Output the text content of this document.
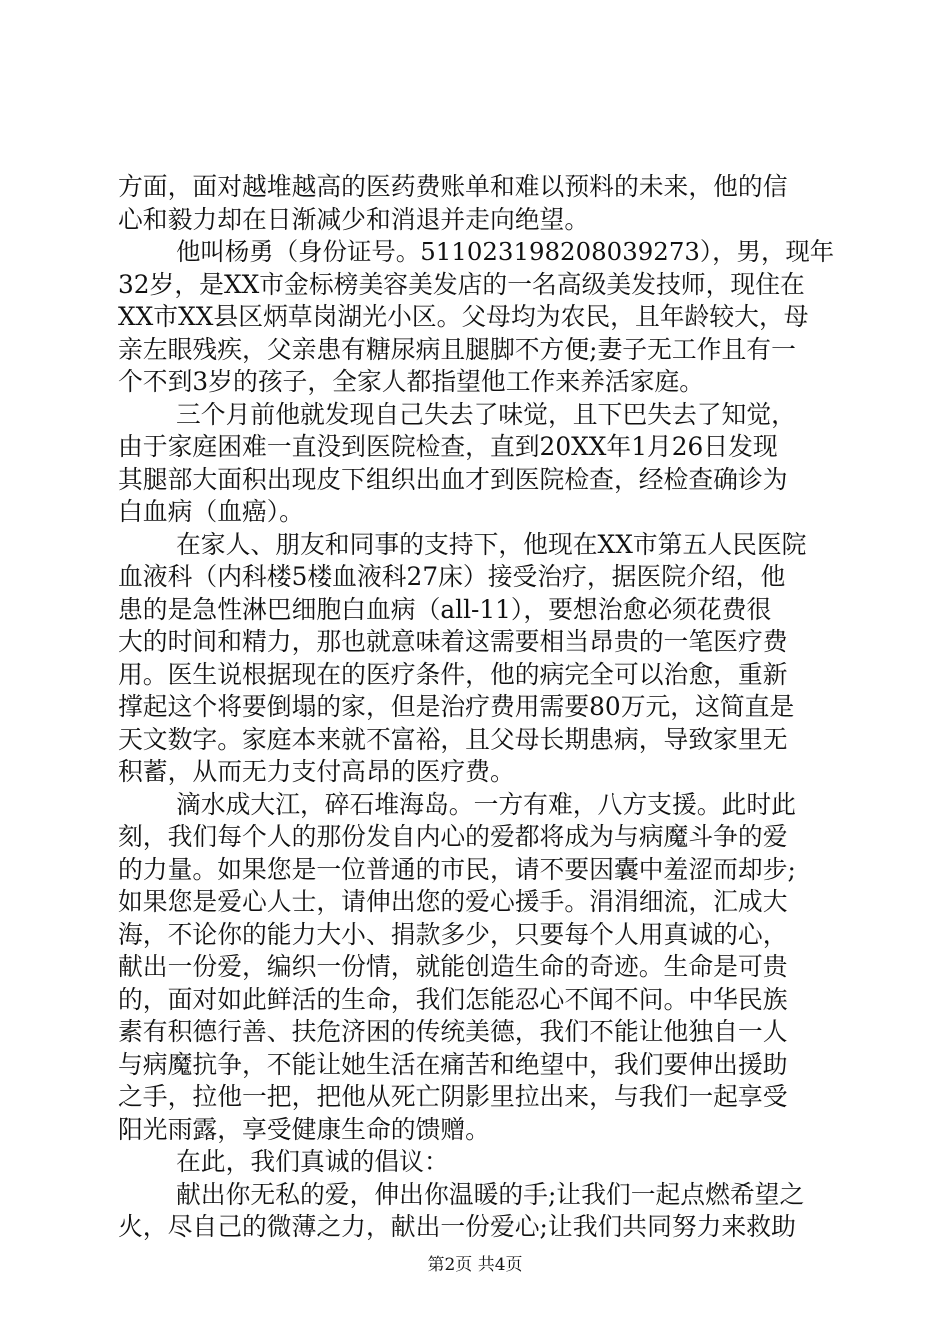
方面，面对越堆越高的医药费账单和难以预料的未来，他的信
心和毅力却在日渐减少和消退并走向绝望。
他叫杨勇（身份证号。511023198208039273），男，现年
32岁，是XX市金标榜美容美发店的一名高级美发技师，现住在
XX市XX县区炳草岗湖光小区。父母均为农民，且年龄较大，母
亲左眼残疾，父亲患有糖尿病且腿脚不方便;妻子无工作且有一
个不到3岁的孩子，全家人都指望他工作来养活家庭。
三个月前他就发现自己失去了味觉，且下巴失去了知觉，
由于家庭困难一直没到医院检查，直到20XX年1月26日发现
其腿部大面积出现皮下组织出血才到医院检查，经检查确诊为
白血病（血癌）。
在家人、朋友和同事的支持下，他现在XX市第五人民医院
血液科（内科楼5楼血液科27床）接受治疗，据医院介绍，他
患的是急性淋巴细胞白血病（all-11），要想治愈必须花费很
大的时间和精力，那也就意味着这需要相当昂贵的一笔医疗费
用。医生说根据现在的医疗条件，他的病完全可以治愈，重新
撑起这个将要倒塌的家，但是治疗费用需要80万元，这简直是
天文数字。家庭本来就不富裕，且父母长期患病，导致家里无
积蓄，从而无力支付高昂的医疗费。
滴水成大江，碎石堆海岛。一方有难，八方支援。此时此
刻，我们每个人的那份发自内心的爱都将成为与病魔斗争的爱
的力量。如果您是一位普通的市民，请不要因囊中羞涩而却步;
如果您是爱心人士，请伸出您的爱心援手。涓涓细流，汇成大
海，不论你的能力大小、捐款多少，只要每个人用真诚的心，
献出一份爱，编织一份情，就能创造生命的奇迹。生命是可贵
的，面对如此鲜活的生命，我们怎能忍心不闻不问。中华民族
素有积德行善、扶危济困的传统美德，我们不能让他独自一人
与病魔抗争，不能让她生活在痛苦和绝望中，我们要伸出援助
之手，拉他一把，把他从死亡阴影里拉出来，与我们一起享受
阳光雨露，享受健康生命的馈赠。
在此，我们真诚的倡议：
献出你无私的爱，伸出你温暖的手;让我们一起点燃希望之
火，尽自己的微薄之力，献出一份爱心;让我们共同努力来救助
第2页 共4页
